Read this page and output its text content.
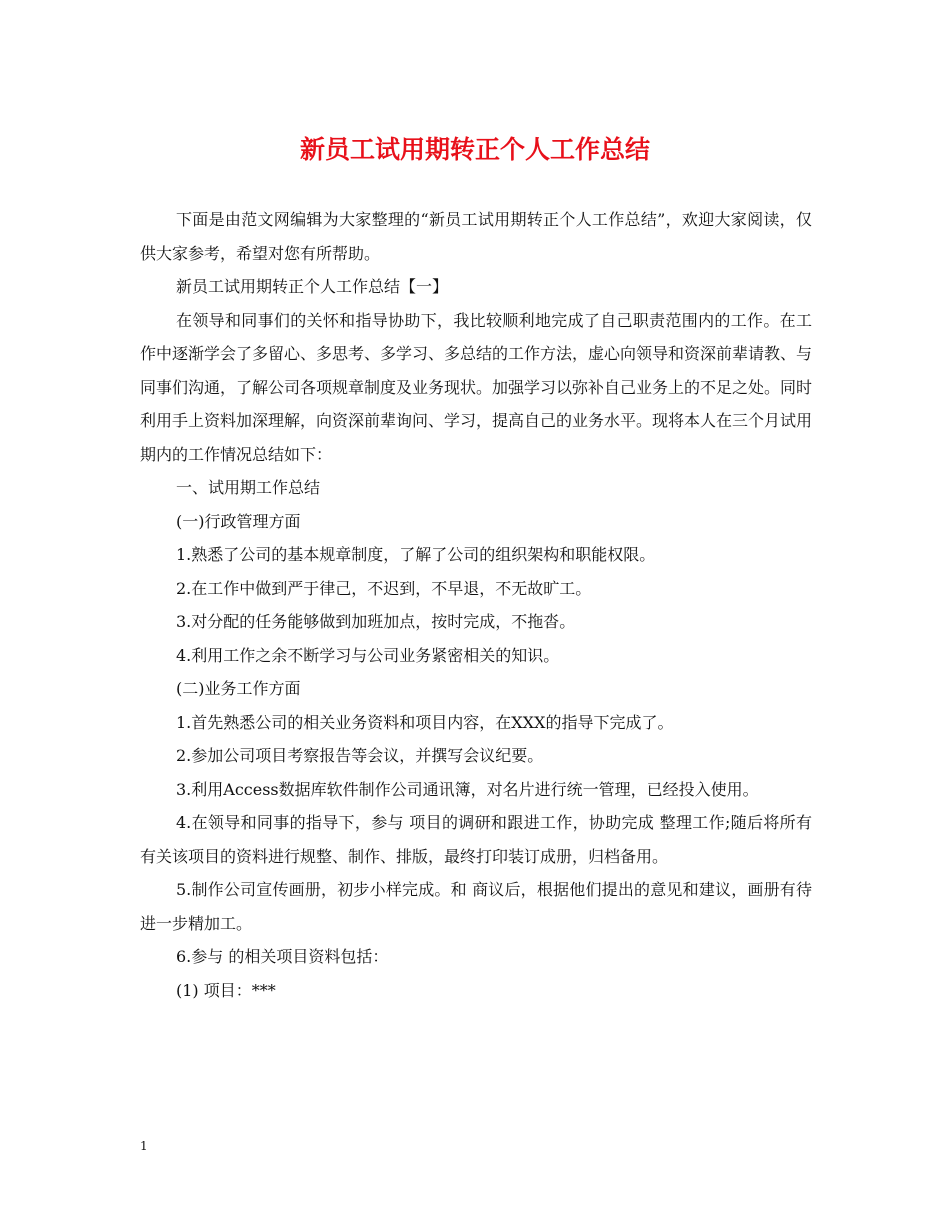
新员工试用期转正个人工作总结

下面是由范文网编辑为大家整理的“新员工试用期转正个人工作总结”，欢迎大家阅读，仅供大家参考，希望对您有所帮助。

新员工试用期转正个人工作总结【一】

在领导和同事们的关怀和指导协助下，我比较顺利地完成了自己职责范围内的工作。在工作中逐渐学会了多留心、多思考、多学习、多总结的工作方法，虚心向领导和资深前辈请教、与同事们沟通，了解公司各项规章制度及业务现状。加强学习以弥补自己业务上的不足之处。同时利用手上资料加深理解，向资深前辈询问、学习，提高自己的业务水平。现将本人在三个月试用期内的工作情况总结如下：

一、试用期工作总结

(一)行政管理方面

1.熟悉了公司的基本规章制度，了解了公司的组织架构和职能权限。

2.在工作中做到严于律己，不迟到，不早退，不无故旷工。

3.对分配的任务能够做到加班加点，按时完成，不拖沓。

4.利用工作之余不断学习与公司业务紧密相关的知识。

(二)业务工作方面

1.首先熟悉公司的相关业务资料和项目内容，在XXX的指导下完成了。

2.参加公司项目考察报告等会议，并撰写会议纪要。

3.利用Access数据库软件制作公司通讯簿，对名片进行统一管理，已经投入使用。

4.在领导和同事的指导下，参与 项目的调研和跟进工作，协助完成 整理工作;随后将所有有关该项目的资料进行规整、制作、排版，最终打印装订成册，归档备用。

5.制作公司宣传画册，初步小样完成。和 商议后，根据他们提出的意见和建议，画册有待进一步精加工。

6.参与 的相关项目资料包括：

(1) 项目：***

1
